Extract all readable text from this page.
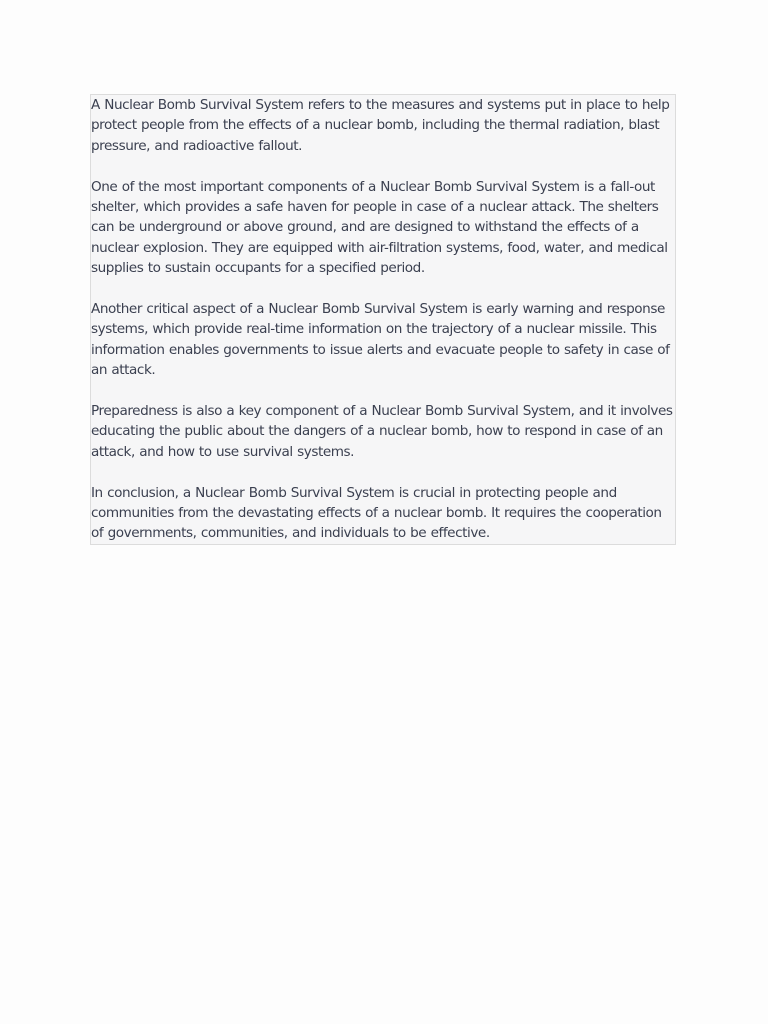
A Nuclear Bomb Survival System refers to the measures and systems put in place to help protect people from the effects of a nuclear bomb, including the thermal radiation, blast pressure, and radioactive fallout.

One of the most important components of a Nuclear Bomb Survival System is a fall-out shelter, which provides a safe haven for people in case of a nuclear attack. The shelters can be underground or above ground, and are designed to withstand the effects of a nuclear explosion. They are equipped with air-filtration systems, food, water, and medical supplies to sustain occupants for a specified period.

Another critical aspect of a Nuclear Bomb Survival System is early warning and response systems, which provide real-time information on the trajectory of a nuclear missile. This information enables governments to issue alerts and evacuate people to safety in case of an attack.

Preparedness is also a key component of a Nuclear Bomb Survival System, and it involves educating the public about the dangers of a nuclear bomb, how to respond in case of an attack, and how to use survival systems.

In conclusion, a Nuclear Bomb Survival System is crucial in protecting people and communities from the devastating effects of a nuclear bomb. It requires the cooperation of governments, communities, and individuals to be effective.
